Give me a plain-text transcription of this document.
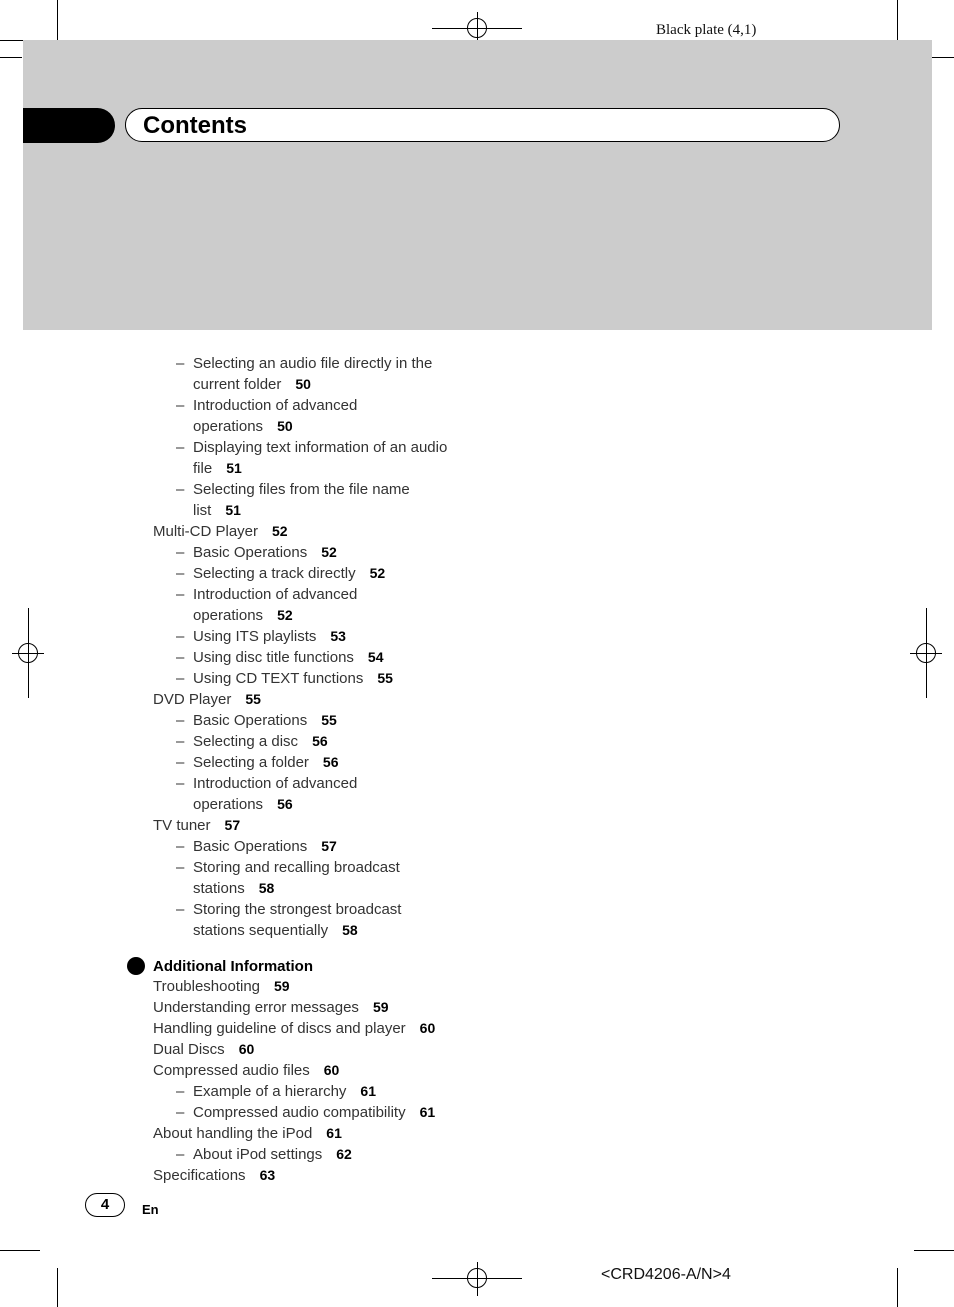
Black plate (4,1)
Contents

– Selecting an audio file directly in the

current folder 50

– Introduction of advanced

operations 50

– Displaying text information of an audio

file 51

– Selecting files from the file name

list 51

Multi-CD Player 52

– Basic Operations 52

– Selecting a track directly 52

– Introduction of advanced

operations 52

– Using ITS playlists 53

– Using disc title functions 54

– Using CD TEXT functions 55

DVD Player 55

– Basic Operations 55

– Selecting a disc 56

– Selecting a folder 56

– Introduction of advanced

operations 56

TV tuner 57

– Basic Operations 57

– Storing and recalling broadcast

stations 58

– Storing the strongest broadcast

stations sequentially 58

Additional Information

Troubleshooting 59

Understanding error messages 59

Handling guideline of discs and player 60

Dual Discs 60

Compressed audio files 60

– Example of a hierarchy 61

– Compressed audio compatibility 61

About handling the iPod 61

– About iPod settings 62

Specifications 63

4	En
<CRD4206-A/N>4
